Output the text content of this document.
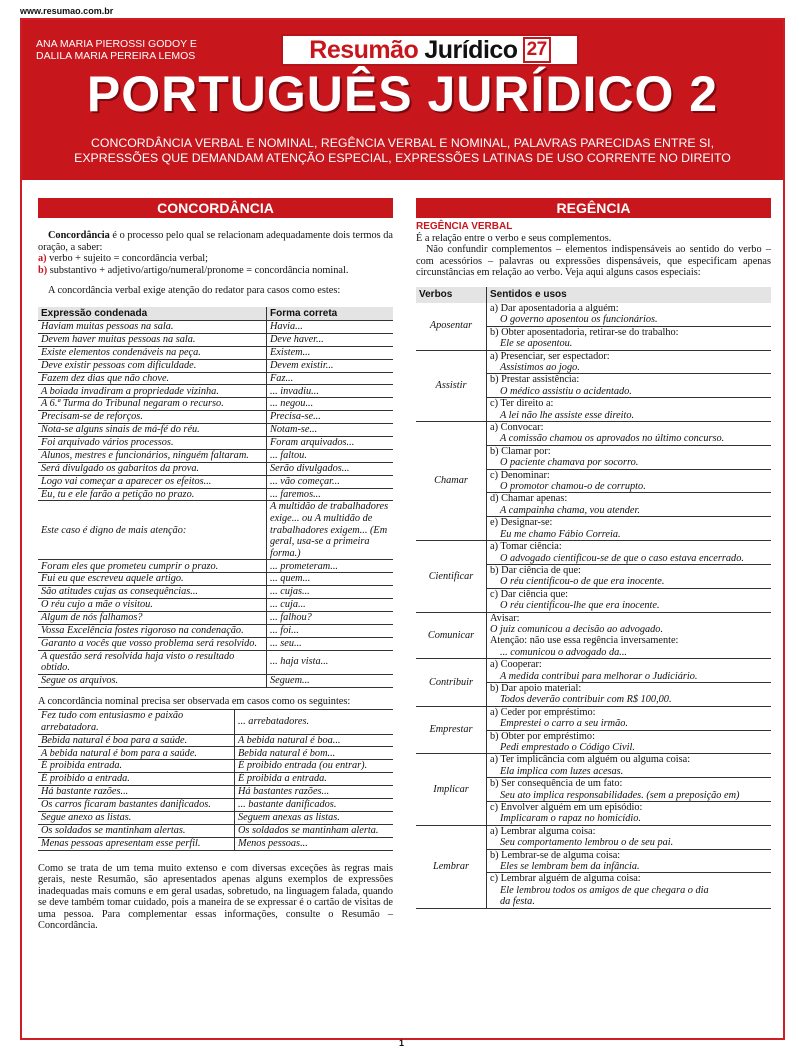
www.resumao.com.br
Resumão Jurídico 27
ANA MARIA PIEROSSI GODOY E
DALILA MARIA PEREIRA LEMOS
PORTUGUÊS JURÍDICO 2
CONCORDÂNCIA VERBAL E NOMINAL, REGÊNCIA VERBAL E NOMINAL, PALAVRAS PARECIDAS ENTRE SI,
EXPRESSÕES QUE DEMANDAM ATENÇÃO ESPECIAL, EXPRESSÕES LATINAS DE USO CORRENTE NO DIREITO
CONCORDÂNCIA	REGÊNCIA

Concordância é o processo pelo qual se relacionam adequadamente dois termos da oração, a saber:

a) verbo + sujeito = concordância verbal;

b) substantivo + adjetivo/artigo/numeral/pronome = concordância nominal.

A concordância verbal exige atenção do redator para casos como estes:

Expressão condenada	Forma correta
Haviam muitas pessoas na sala.	Havia...
Devem haver muitas pessoas na sala.	Deve haver...
Existe elementos condenáveis na peça.	Existem...
Deve existir pessoas com dificuldade.	Devem existir...
Fazem dez dias que não chove.	Faz...
A boiada invadiram a propriedade vizinha.	... invadiu...
A 6.ª Turma do Tribunal negaram o recurso.	... negou...
Precisam-se de reforços.	Precisa-se...
Nota-se alguns sinais de má-fé do réu.	Notam-se...
Foi arquivado vários processos.	Foram arquivados...
Alunos, mestres e funcionários, ninguém faltaram.	... faltou.
Será divulgado os gabaritos da prova.	Serão divulgados...
Logo vai começar a aparecer os efeitos...	... vão começar...
Eu, tu e ele farão a petição no prazo.	... faremos...
Este caso é digno de mais atenção:	A multidão de trabalhadores exige... ou A multidão de trabalhadores exigem... (Em geral, usa-se a primeira forma.)
Foram eles que prometeu cumprir o prazo.	... prometeram...
Fui eu que escreveu aquele artigo.	... quem...
São atitudes cujas as consequências...	... cujas...
O réu cujo a mãe o visitou.	... cuja...
Algum de nós falhamos?	... falhou?
Vossa Excelência fostes rigoroso na condenação.	... foi...
Garanto a vocês que vosso problema será resolvido.	... seu...
A questão será resolvida haja visto o resultado obtido.	... haja vista...
Segue os arquivos.	Seguem...

A concordância nominal precisa ser observada em casos como os seguintes:

Fez tudo com entusiasmo e paixão arrebatadora.	... arrebatadores.
Bebida natural é boa para a saúde.	A bebida natural é boa...
A bebida natural é bom para a saúde.	Bebida natural é bom...
É proibida entrada.	É proibido entrada (ou entrar).
É proibido a entrada.	É proibida a entrada.
Há bastante razões...	Há bastantes razões...
Os carros ficaram bastantes danificados.	... bastante danificados.
Segue anexo as listas.	Seguem anexas as listas.
Os soldados se mantinham alertas.	Os soldados se mantinham alerta.
Menas pessoas apresentam esse perfil.	Menos pessoas...

Como se trata de um tema muito extenso e com diversas exceções às regras mais gerais, neste Resumão, são apresentados apenas alguns exemplos de expressões inadequadas mais comuns e em geral usadas, sobretudo, na linguagem falada, quando se deve também tomar cuidado, pois a maneira de se expressar é o cartão de visitas de uma pessoa. Para complementar essas informações, consulte o Resumão – Concordância.

REGÊNCIA VERBAL

É a relação entre o verbo e seus complementos.

Não confundir complementos – elementos indispensáveis ao sentido do verbo – com acessórios – palavras ou expressões dispensáveis, que especificam apenas circunstâncias em relação ao verbo. Veja aqui alguns casos especiais:

Verbos	Sentidos e usos
Aposentar	a) Dar aposentadoria a alguém:
O governo aposentou os funcionários.

	b) Obter aposentadoria, retirar-se do trabalho:
Ele se aposentou.

Assistir	a) Presenciar, ser espectador:
Assistimos ao jogo.

	b) Prestar assistência:
O médico assistiu o acidentado.

	c) Ter direito a:
A lei não lhe assiste esse direito.

Chamar	a) Convocar:
A comissão chamou os aprovados no último concurso.

	b) Clamar por:
O paciente chamava por socorro.

	c) Denominar:
O promotor chamou-o de corrupto.

	d) Chamar apenas:
A campainha chama, vou atender.

	e) Designar-se:
Eu me chamo Fábio Correia.

Cientificar	a) Tomar ciência:
O advogado cientificou-se de que o caso estava encerrado.

	b) Dar ciência de que:
O réu cientificou-o de que era inocente.

	c) Dar ciência que:
O réu cientificou-lhe que era inocente.

Comunicar	Avisar:
O juiz comunicou a decisão ao advogado.
Atenção: não use essa regência inversamente:
... comunicou o advogado da...

Contribuir	a) Cooperar:
A medida contribui para melhorar o Judiciário.

	b) Dar apoio material:
Todos deverão contribuir com R$ 100,00.

Emprestar	a) Ceder por empréstimo:
Emprestei o carro a seu irmão.

	b) Obter por empréstimo:
Pedi emprestado o Código Civil.

Implicar	a) Ter implicância com alguém ou alguma coisa:
Ela implica com luzes acesas.

	b) Ser consequência de um fato:
Seu ato implica responsabilidades. (sem a preposição em)

	c) Envolver alguém em um episódio:
Implicaram o rapaz no homicídio.

Lembrar	a) Lembrar alguma coisa:
Seu comportamento lembrou o de seu pai.

	b) Lembrar-se de alguma coisa:
Eles se lembram bem da infância.

	c) Lembrar alguém de alguma coisa:
Ele lembrou todos os amigos de que chegara o dia
da festa.
1
